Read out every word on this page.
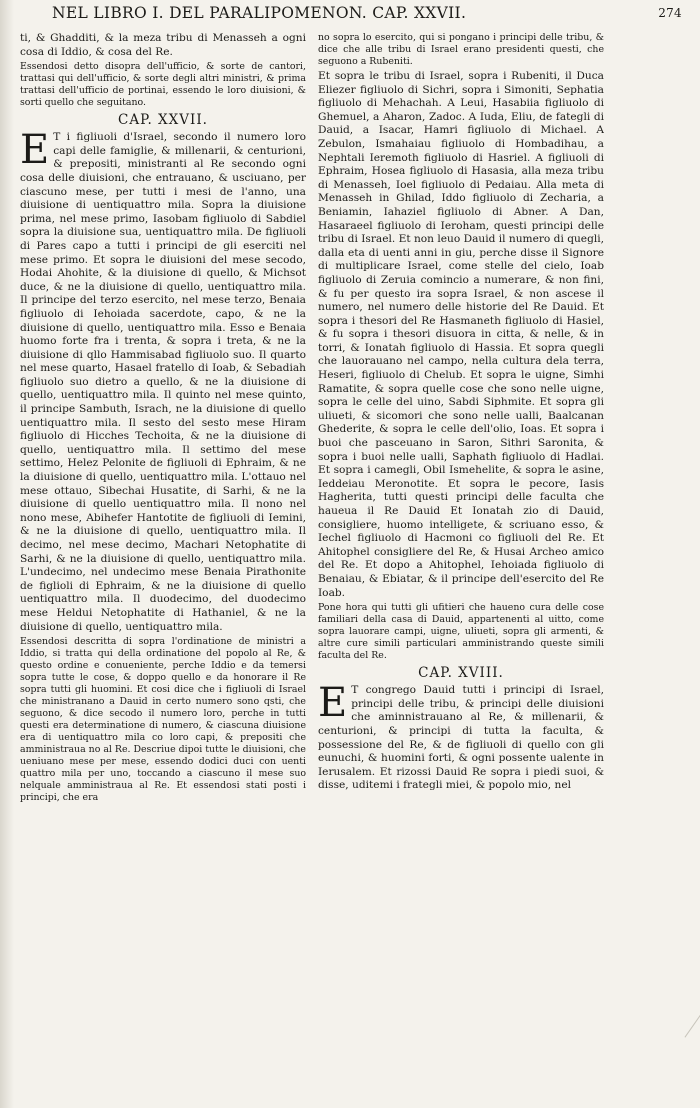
NEL LIBRO I. DEL PARALIPOMENON. CAP. XXVII.	274

ti, & Ghadditi, & la meza tribu di Menasseh a ogni cosa di Iddio, & cosa del Re.

Essendosi detto disopra dell'ufficio, & sorte de cantori, trattasi qui dell'ufficio, & sorte degli altri ministri, & prima trattasi dell'ufficio de portinai, essendo le loro diuisioni, & sorti quello che seguitano.

CAP. XXVII.

E T i figliuoli d'Israel, secondo il numero loro capi delle famiglie, & millenarii, & centurioni, & prepositi, ministranti al Re secondo ogni cosa delle diuisioni, che entrauano, & usciuano, per ciascuno mese, per tutti i mesi de l'anno, una diuisione di uentiquattro mila. Sopra la diuisione prima, nel mese primo, Iasobam figliuolo di Sabdiel sopra la diuisione sua, uentiquattro mila. De figliuoli di Pares capo a tutti i principi de gli eserciti nel mese primo. Et sopra le diuisioni del mese secodo, Hodai Ahohite, & la diuisione di quello, & Michsot duce, & ne la diuisione di quello, uentiquattro mila. Il principe del terzo esercito, nel mese terzo, Benaia figliuolo di Iehoiada sacerdote, capo, & ne la diuisione di quello, uentiquattro mila. Esso e Benaia huomo forte fra i trenta, & sopra i treta, & ne la diuisione di qllo Hammisabad figliuolo suo. Il quarto nel mese quarto, Hasael fratello di Ioab, & Sebadiah figliuolo suo dietro a quello, & ne la diuisione di quello, uentiquattro mila. Il quinto nel mese quinto, il principe Sambuth, Israch, ne la diuisione di quello uentiquattro mila. Il sesto del sesto mese Hiram figliuolo di Hicches Techoita, & ne la diuisione di quello, uentiquattro mila. Il settimo del mese settimo, Helez Pelonite de figliuoli di Ephraim, & ne la diuisione di quello, uentiquattro mila. L'ottauo nel mese ottauo, Sibechai Husatite, di Sarhi, & ne la diuisione di quello uentiquattro mila. Il nono nel nono mese, Abihefer Hantotite de figliuoli di Iemini, & ne la diuisione di quello, uentiquattro mila. Il decimo, nel mese decimo, Machari Netophatite di Sarhi, & ne la diuisione di quello, uentiquattro mila. L'undecimo, nel undecimo mese Benaia Pirathonite de figlioli di Ephraim, & ne la diuisione di quello uentiquattro mila. Il duodecimo, del duodecimo mese Heldui Netophatite di Hathaniel, & ne la diuisione di quello, uentiquattro mila.

Essendosi descritta di sopra l'ordinatione de ministri a Iddio, si tratta qui della ordinatione del popolo al Re, & questo ordine e conueniente, perche Iddio e da temersi sopra tutte le cose, & doppo quello e da honorare il Re sopra tutti gli huomini. Et cosi dice che i figliuoli di Israel che ministranano a Dauid in certo numero sono qsti, che seguono, & dice secodo il numero loro, perche in tutti questi era determinatione di numero, & ciascuna diuisione era di uentiquattro mila co loro capi, & prepositi che amministraua no al Re. Descriue dipoi tutte le diuisioni, che ueniuano mese per mese, essendo dodici duci con uenti quattro mila per uno, toccando a ciascuno il mese suo nelquale amministraua al Re. Et essendosi stati posti i principi, che era

no sopra lo esercito, qui si pongano i principi delle tribu, & dice che alle tribu di Israel erano presidenti questi, che seguono a Rubeniti.

Et sopra le tribu di Israel, sopra i Rubeniti, il Duca Eliezer figliuolo di Sichri, sopra i Simoniti, Sephatia figliuolo di Mehachah. A Leui, Hasabiia figliuolo di Ghemuel, a Aharon, Zadoc. A Iuda, Eliu, de fategli di Dauid, a Isacar, Hamri figliuolo di Michael. A Zebulon, Ismahaiau figliuolo di Hombadihau, a Nephtali Ieremoth figliuolo di Hasriel. A figliuoli di Ephraim, Hosea figliuolo di Hasasia, alla meza tribu di Menasseh, Ioel figliuolo di Pedaiau. Alla meta di Menasseh in Ghilad, Iddo figliuolo di Zecharia, a Beniamin, Iahaziel figliuolo di Abner. A Dan, Hasaraeel figliuolo di Ieroham, questi principi delle tribu di Israel. Et non leuo Dauid il numero di quegli, dalla eta di uenti anni in giu, perche disse il Signore di multiplicare Israel, come stelle del cielo, Ioab figliuolo di Zeruia comincio a numerare, & non fini, & fu per questo ira sopra Israel, & non ascese il numero, nel numero delle historie del Re Dauid. Et sopra i thesori del Re Hasmaneth figliuolo di Hasiel, & fu sopra i thesori disuora in citta, & nelle, & in torri, & Ionatah figliuolo di Hassia. Et sopra quegli che lauorauano nel campo, nella cultura dela terra, Heseri, figliuolo di Chelub. Et sopra le uigne, Simhi Ramatite, & sopra quelle cose che sono nelle uigne, sopra le celle del uino, Sabdi Siphmite. Et sopra gli uliueti, & sicomori che sono nelle ualli, Baalcanan Ghederite, & sopra le celle dell'olio, Ioas. Et sopra i buoi che pasceuano in Saron, Sithri Saronita, & sopra i buoi nelle ualli, Saphath figliuolo di Hadlai. Et sopra i camegli, Obil Ismehelite, & sopra le asine, Ieddeiau Meronotite. Et sopra le pecore, Iasis Hagherita, tutti questi principi delle faculta che haueua il Re Dauid Et Ionatah zio di Dauid, consigliere, huomo intelligete, & scriuano esso, & Iechel figliuolo di Hacmoni co figliuoli del Re. Et Ahitophel consigliere del Re, & Husai Archeo amico del Re. Et dopo a Ahitophel, Iehoiada figliuolo di Benaiau, & Ebiatar, & il principe dell'esercito del Re Ioab.

Pone hora qui tutti gli ufitieri che haueno cura delle cose familiari della casa di Dauid, appartenenti al uitto, come sopra lauorare campi, uigne, uliueti, sopra gli armenti, & altre cure simili particulari amministrando queste simili faculta del Re.

CAP. XVIII.

E T congrego Dauid tutti i principi di Israel, principi delle tribu, & principi delle diuisioni che aminnistrauano al Re, & millenarii, & centurioni, & principi di tutta la faculta, & possessione del Re, & de figliuoli di quello con gli eunuchi, & huomini forti, & ogni possente ualente in Ierusalem. Et rizossi Dauid Re sopra i piedi suoi, & disse, uditemi i frategli miei, & popolo mio, nel
